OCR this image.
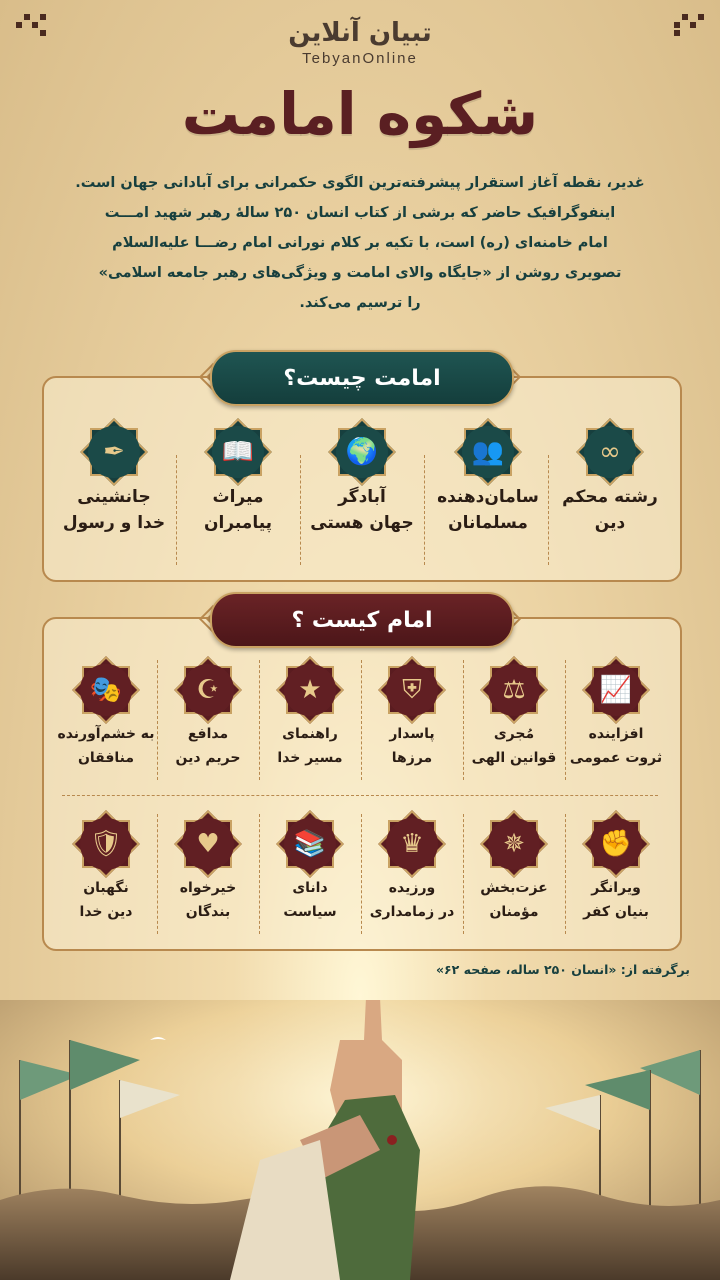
تبیان آنلاین
TebyanOnline
شکوه امامت
غدیر، نقطه آغاز استقرار پیشرفته‌ترین الگوی حکمرانی برای آبادانی جهان است.
اینفوگرافیک حاضر که برشی از کتاب انسان ۲۵۰ سالهٔ رهبر شهید امـــت
امام خامنه‌ای (ره) است، با تکیه بر کلام نورانی امام رضـــا علیه‌السلام
تصویری روشن از «جایگاه والای امامت و ویژگی‌های رهبر جامعه اسلامی»
را ترسیم می‌کند.
امامت چیست؟
∞
رشته محکم
دین
👥
سامان‌دهنده
مسلمانان
🌍
آبادگر
جهان هستی
📖
میراث
پیامبران
✒
جانشینی
خدا و رسول
امام کیست ؟
📈
افزاینده
ثروت عمومی
⚖
مُجری
قوانین الهی
⛨
پاسدار
مرزها
★
راهنمای
مسیر خدا
☪
مدافع
حریم دین
🎭
به خشم‌آورنده
منافقان
✊
ویرانگر
بنیان کفر
✵
عزت‌بخش
مؤمنان
♛
ورزیده
در زمامداری
📚
دانای
سیاست
♥
خیرخواه
بندگان
🛡
نگهبان
دین خدا
برگرفته از: «انسان ۲۵۰ ساله، صفحه ۶۲»
